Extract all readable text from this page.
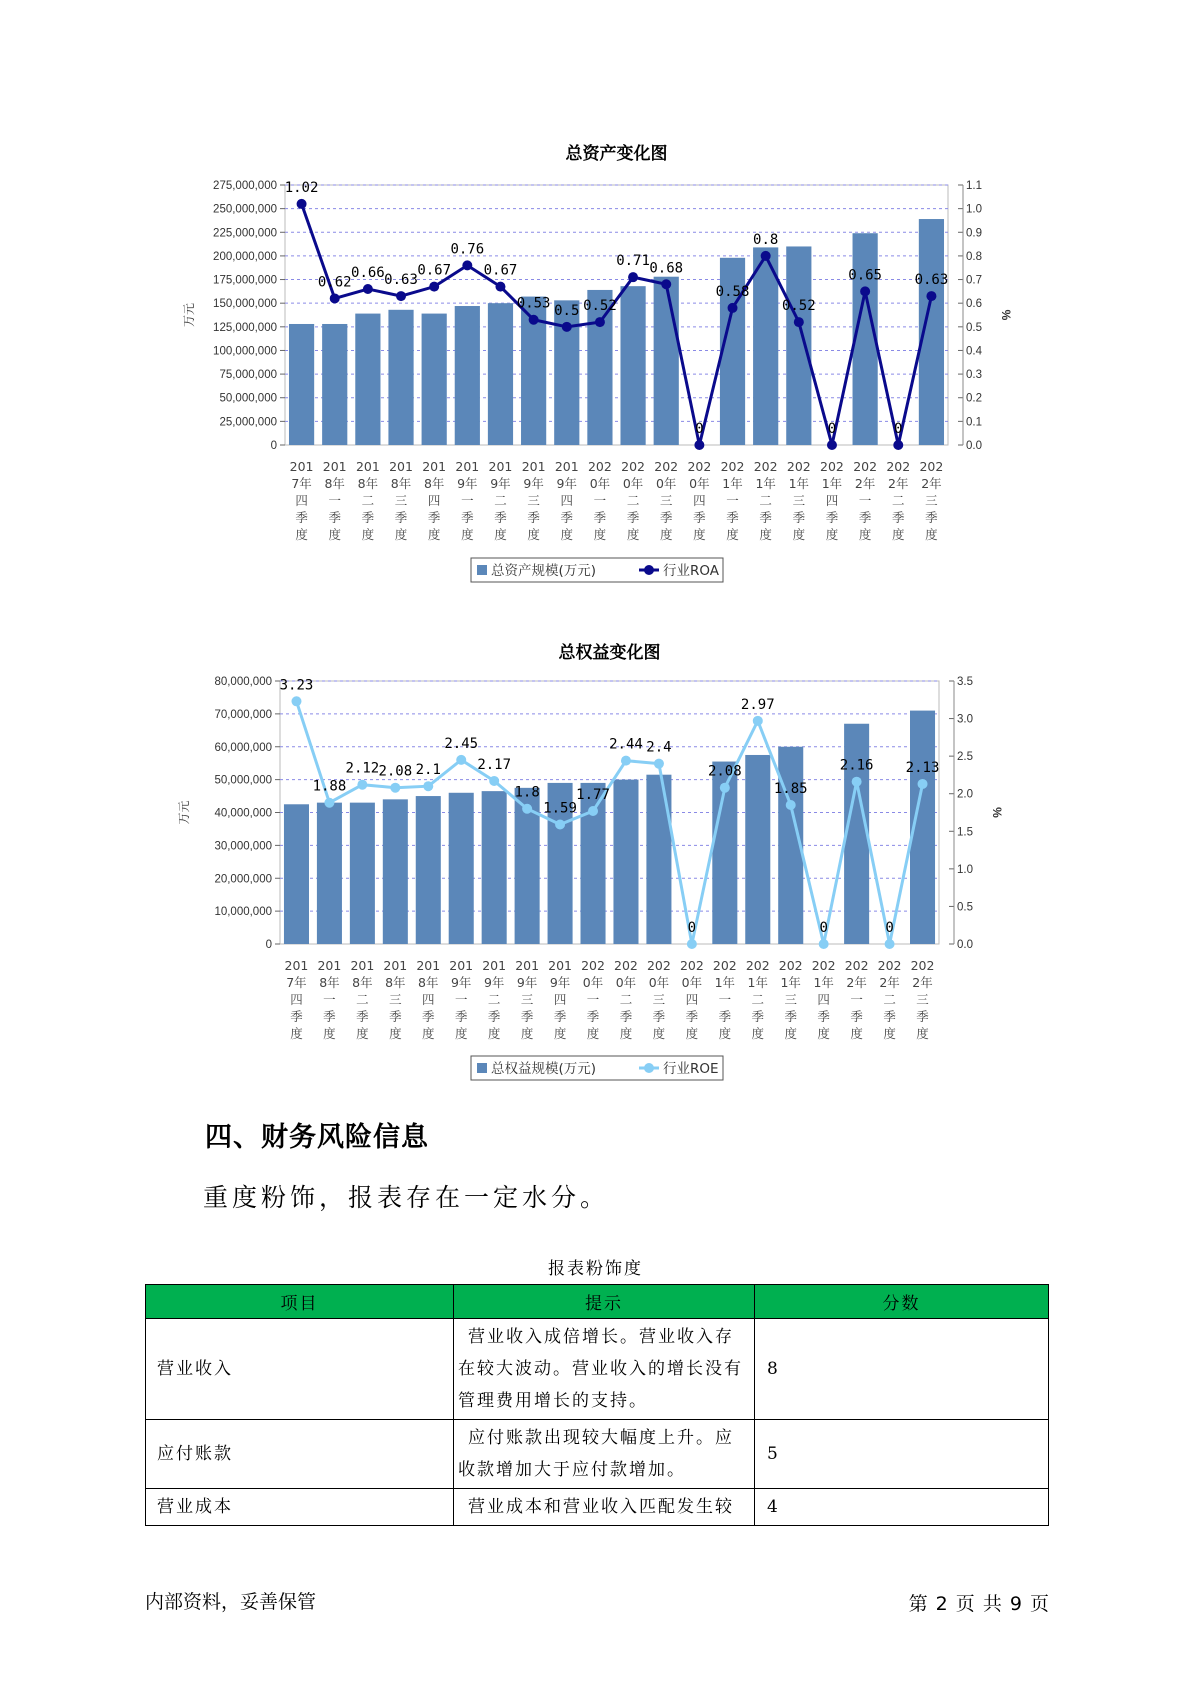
总资产变化图
0
25,000,000
50,000,000
75,000,000
100,000,000
125,000,000
150,000,000
175,000,000
200,000,000
225,000,000
250,000,000
275,000,000
0.0
0.1
0.2
0.3
0.4
0.5
0.6
0.7
0.8
0.9
1.0
1.1
万元	%
201 7年四季度
201 8年一季度
201 8年二季度
201 8年三季度
201 8年四季度
201 9年一季度
201 9年二季度
201 9年三季度
201 9年四季度
202 0年一季度
202 0年二季度
202 0年三季度
202 0年四季度
202 1年一季度
202 1年二季度
202 1年三季度
202 1年四季度
202 2年一季度
202 2年二季度
202 2年三季度
1.02
0.62
0.66 0.63
0.67
0.76
0.67
0.53 0.5 0.52
0.71 0.68
0
0.58
0.8
0.52
0
0.65
0
0.63
总资产规模(万元)	行业ROA
总权益变化图
0
10,000,000
20,000,000
30,000,000
40,000,000
50,000,000
60,000,000
70,000,000
80,000,000
0.0
0.5
1.0
1.5
2.0
2.5
3.0
3.5
万元	%
201 7年四季度
201 8年一季度
201 8年二季度
201 8年三季度
201 8年四季度
201 9年一季度
201 9年二季度
201 9年三季度
201 9年四季度
202 0年一季度
202 0年二季度
202 0年三季度
202 0年四季度
202 1年一季度
202 1年二季度
202 1年三季度
202 1年四季度
202 2年一季度
202 2年二季度
202 2年三季度
3.23
1.88
2.12 2.08 2.1
2.45
2.17
1.8
1.59
1.77
2.44 2.4
0
2.08
2.97
1.85
0
2.16
0
2.13
总权益规模(万元)	行业ROE
四、财务风险信息
重度粉饰，报表存在一定水分。
报表粉饰度
项目	提示	分数
营业收入	营业收入成倍增长。营业收入存在较大波动。营业收入的增长没有管理费用增长的支持。	8
应付账款	应付账款出现较大幅度上升。应收款增加大于应付款增加。	5
营业成本	营业成本和营业收入匹配发生较	4
内部资料，妥善保管	第 2 页 共 9 页
